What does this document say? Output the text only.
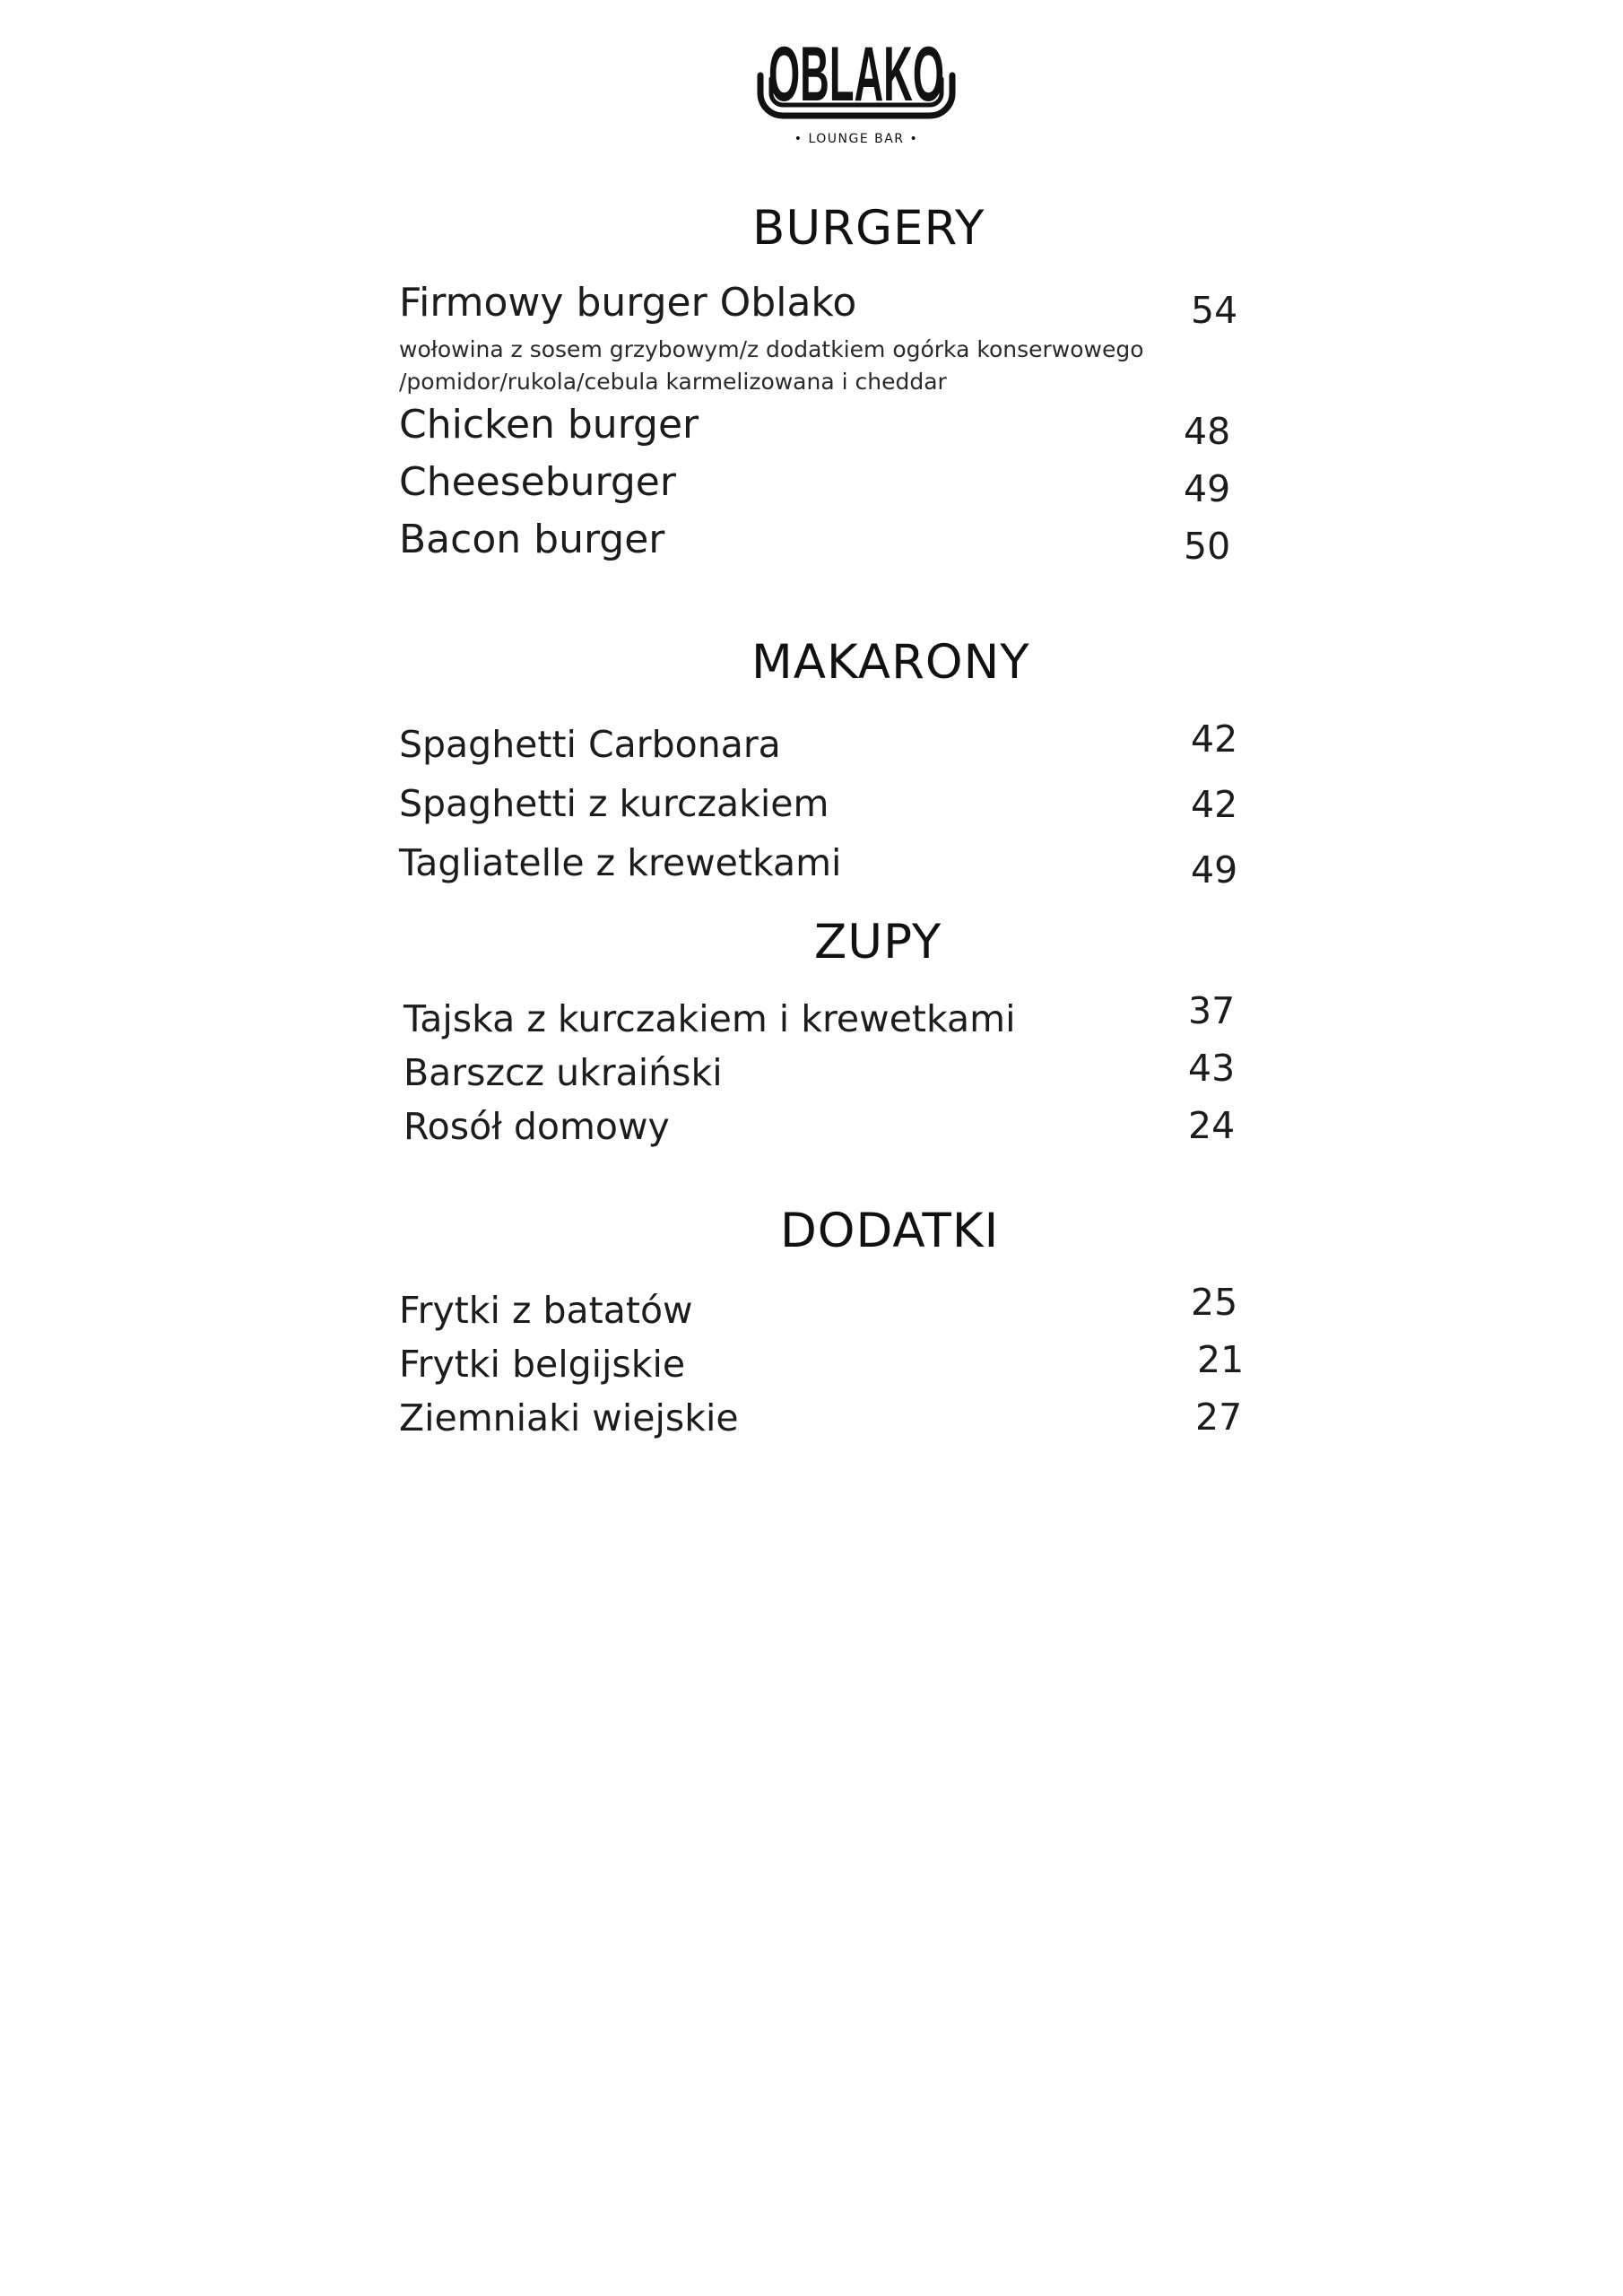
OBLAKO
• LOUNGE BAR •
BURGERY
Firmowy burger Oblako	54
wołowina z sosem grzybowym/z dodatkiem ogórka konserwowego
/pomidor/rukola/cebula karmelizowana i cheddar
Chicken burger	48
Cheeseburger	49
Bacon burger	50
MAKARONY
Spaghetti Carbonara	42
Spaghetti z kurczakiem	42
Tagliatelle z krewetkami	49
ZUPY
Tajska z kurczakiem i krewetkami	37
Barszcz ukraiński	43
Rosół domowy	24
DODATKI
Frytki z batatów	25
Frytki belgijskie	21
Ziemniaki wiejskie	27
